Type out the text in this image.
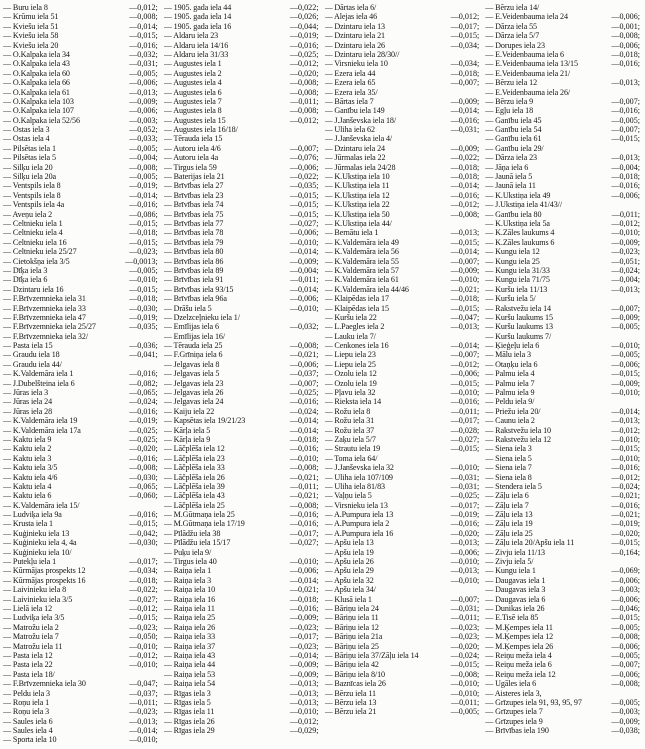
— Buru iela 8	—0,012;
— Krūmu iela 51	—0,008;
— Kviešu iela 51	—0,014;
— Kviešu iela 58	—0,015;
— Kviešu iela 20	—0,016;
— O.Kalpaka iela 34	—0,032;
— O.Kalpaka iela 43	—0,031;
— O.Kalpaka iela 60	—0,005;
— O.Kalpaka iela 66	—0,006;
— O.Kalpaka iela 61	—0,013;
— O.Kalpaka iela 103	—0,009;
— O.Kalpaka iela 107	—0,006;
— O.Kalpaka iela 52/56	—0,003;
— Ostas iela 3	—0,052;
— Ostas iela 4	—0,033;
— Pilsētas iela 1	—0,005;
— Pilsētas iela 5	—0,004;
— Silķu iela 20	—0,008;
— Silķu iela 20a	—0,005;
— Ventspils iela 8	—0,019;
— Ventspils iela 8	—0,014;
— Ventspils iela 4a	—0,016;
— Aveņu iela 2	—0,086;
— Celtnieku iela 1	—0,015;
— Celtnieku iela 4	—0,018;
— Celtnieku iela 16	—0,015;
— Celtnieku iela 25/27	—0,023;
— Cietokšņa iela 3/5	—0,0013;
— Dīķa iela 3	—0,005;
— Dīķa iela 6	—0,010;
— Dzintaru iela 16	—0,015;
— F.Brīvzemnieka iela 31	—0,018;
— F.Brīvzemnieka iela 33	—0,030;
— F.Brīvzemnieka iela 47	—0,019;
— F.Brīvzemnieka iela 25/27	—0,035;
— F.Brīvzemnieka iela 32/
— Pasta iela 15	—0,036;
— Graudu iela 18	—0,041;
— Graudu iela 44/
— K.Valdemāra iela 1	—0,016;
— J.Dubelšteina iela 6	—0,082;
— Jūras iela 3	—0,065;
— Jūras iela 24	—0,024;
— Jūras iela 28	—0,016;
— K.Valdemāra iela 19	—0,019;
— K.Valdemāra iela 17a	—0,025;
— Kaktu iela 9	—0,025;
— Kaktu iela 2	—0,020;
— Kaktu iela 3	—0,016;
— Kaktu iela 3/5	—0,008;
— Kaktu iela 4/6	—0,030;
— Kaktu iela 4	—0,065;
— Kaktu iela 6	—0,060;
— K.Valdemāra iela 15/
— Ludviķa iela 9a	—0,016;
— Krusta iela 1	—0,015;
— Kuģinieku iela 13	—0,042;
— Kuģinieku iela 4, 4a	—0,030;
— Kuģinieku iela 10/
— Putekļu iela 1	—0,017;
— Kūrmājas prospekts 12	—0,034;
— Kūrmājas prospekts 16	—0,018;
— Laivinieku iela 8	—0,022;
— Laivinieku iela 3/5	—0,027;
— Lielā iela 12	—0,012;
— Ludviķa iela 3/5	—0,015;
— Matrožu iela 2	—0,023;
— Matrožu iela 7	—0,050;
— Matrožu iela 11	—0,010;
— Pasta iela 12	—0,012;
— Pasta iela 22	—0,010;
— Pasta iela 18/
— F.Brīvzemnieka iela 30	—0,047;
— Peldu iela 3	—0,037;
— Roņu iela 1	—0,011;
— Roņu iela 3	—0,023;
— Saules iela 6	—0,013;
— Saules iela 4	—0,014;
— Sporta iela 10	—0,010;
— 1905. gada iela 44	—0,022;
— 1905. gada iela 14	—0,026;
— 1905. gada iela 16	—0,044;
— Aldaru iela 23	—0,019;
— Aldaru iela 14/16	—0,016;
— Aldaru iela 31/33	—0,025;
— Augustes iela 1	—0,012;
— Augustes iela 2	—0,020;
— Augustes iela 4	—0,008;
— Augustes iela 6	—0,008;
— Augustes iela 7	—0,011;
— Augustes iela 8	—0,008;
— Augustes iela 15	—0,012;
— Augustes iela 16/18/
— Tērauda iela 15
— Autoru iela 4/6	—0,007;
— Autoru iela 4a	—0,076;
— Tirgus iela 59	—0,006;
— Baterijas iela 21	—0,022;
— Brīvības iela 27	—0,035;
— Brīvības iela 23	—0,015;
— Brīvības iela 74	—0,015;
— Brīvības iela 75	—0,015;
— Brīvības iela 77	—0,027;
— Brīvības iela 78	—0,006;
— Brīvības iela 79	—0,010;
— Brīvības iela 80	—0,014;
— Brīvības iela 86	—0,009;
— Brīvības iela 89	—0,004;
— Brīvības iela 91	—0,011;
— Brīvības iela 93/15	—0,014;
— Brīvības iela 96a	—0,006;
— Drāšu iela 5	—0,010;
— Dzelzceļnieku iela 1/
— Emīlijas iela 6	—0,032;
— Emīlijas iela 16/
— Tērauda iela 25	—0,008;
— F.Grīniņa iela 6	—0,021;
— Jelgavas iela 8	—0,006;
— Jelgavas iela 5	—0,037;
— Jelgavas iela 23	—0,007;
— Jelgavas iela 26	—0,025;
— Jelgavas iela 24	—0,016;
— Kaiju iela 22	—0,024;
— Kapsētas iela 19/21/23	—0,014;
— Kārļa iela 5	—0,014;
— Kārļa iela 9	—0,018;
— Lāčplēša iela 12	—0,016;
— Lāčplēša iela 23	—0,010;
— Lāčplēša iela 33	—0,008;
— Lāčplēša iela 26	—0,021;
— Lāčplēša iela 39	—0,011;
— Lāčplēša iela 43	—0,021;
— Lāčplēša iela 25	—0,008;
— M.Gūtmaņa iela 25	—0,016;
— M.Gūtmaņa iela 17/19	—0,016;
— Pīlādžu iela 38	—0,017;
— Pīlādžu iela 15/17	—0,027;
— Puķu iela 9/
— Tirgus iela 40	—0,010;
— Raiņa iela 1	—0,006;
— Raiņa iela 3	—0,014;
— Raiņa iela 10	—0,021;
— Raiņa iela 16	—0,018;
— Raiņa iela 11	—0,016;
— Raiņa iela 25	—0,009;
— Raiņa iela 26	—0,023;
— Raiņa iela 33	—0,017;
— Raiņa iela 37	—0,023;
— Raiņa iela 43	—0,014;
— Raiņa iela 44	—0,009;
— Raiņa iela 53	—0,009;
— Raiņa iela 54	—0,013;
— Rīgas iela 3	—0,013;
— Rīgas iela 5	—0,013;
— Rīgas iela 11	—0,010;
— Rīgas iela 26	—0,012;
— Rīgas iela 29	—0,029;
— Dārtas iela 6/
— Alejas iela 46	—0,012;
— Dzintaru iela 13	—0,017;
— Dzintaru iela 21	—0,015;
— Dzintaru iela 26	—0,034;
— Dzintaru iela 28/30//
— Virsnieku iela 10	—0,034;
— Ezera iela 44	—0,018;
— Ezera iela 65	—0,007;
— Ezera iela 35/
— Bārtas iela 7	—0,009;
— Ganību iela 149	—0,014;
— J.Janševska iela 18/	—0,016;
— Uliha iela 62	—0,031;
— J.Janševska iela 4/
— Dzintaru iela 24	—0,009;
— Jūrmalas iela 22	—0,022;
— Jūrmalas iela 24/28	—0,018;
— K.Ukstiņa iela 10	—0,018;
— K.Ukstiņa iela 11	—0,014;
— K.Ukstiņa iela 12	—0,016;
— K.Ukstiņa iela 22	—0,012;
— K.Ukstiņa iela 50	—0,008;
— K.Ukstiņa iela 44/
— Bernātu iela 1	—0,013;
— K.Valdemāra iela 49	—0,015;
— K.Valdemāra iela 56	—0,014;
— K.Valdemāra iela 55	—0,007;
— K.Valdemāra iela 57	—0,009;
— K.Valdemāra iela 61	—0,010;
— K.Valdemāra iela 44/46	—0,021;
— Klaipēdas iela 17	—0,018;
— Klaipēdas iela 15	—0,015;
— Kuršu iela 22	—0,047;
— L.Paegles iela 2	—0,013;
— Lauku iela 7/
— Cenkones iela 16	—0,014;
— Liepu iela 23	—0,007;
— Liepu iela 25	—0,012;
— Ozolu iela 12	—0,006;
— Ozolu iela 19	—0,015;
— Pļavu iela 32	—0,010;
— Rieksta iela 14	—0,016;
— Rožu iela 8	—0,011;
— Rožu iela 31	—0,017;
— Rožu iela 37	—0,028;
— Zaķu iela 5/7	—0,027;
— Strautu iela 19	—0,015;
— Toma iela 64/
— J.Janševska iela 32	—0,010;
— Uliha iela 107/109	—0,031;
— Uliha iela 81/83	—0,031;
— Vaļņu iela 5	—0,025;
— Virsnieku iela 13	—0,017;
— A.Pumpura iela 13	—0,019;
— A.Pumpura iela 2	—0,016;
— A.Pumpura iela 16	—0,020;
— Apšu iela 13	—0,013;
— Apšu iela 19	—0,006;
— Apšu iela 26	—0,010;
— Apšu iela 29	—0,013;
— Apšu iela 32	—0,010;
— Apšu iela 34/
— Klusā iela 1	—0,007;
— Bāriņu iela 24	—0,031;
— Bāriņu iela 11	—0,011;
— Bāriņu iela 12	—0,023;
— Bāriņu iela 21a	—0,023;
— Bāriņu iela 25	—0,020;
— Bāriņu iela 37/Zāļu iela 14	—0,024;
— Bāriņu iela 42	—0,015;
— Bāriņu iela 8/10	—0,008;
— Baznīcas iela 26	—0,010;
— Bērzu iela 11	—0,010;
— Bērzu iela 13	—0,011;
— Bērzu iela 21	—0,005;
— Bērzu iela 14/
— E.Veidenbauma iela 24	—0,006;
— Dārza iela 55	—0,001;
— Dārza iela 5/7	—0,008;
— Dorupes iela 23	—0,006;
— E.Veidenbauma iela 6	—0,018;
— E.Veidenbauma iela 13/15	—0,016;
— E.Veidenbauma iela 21/
— Bērzu iela 12	—0,013;
— E.Veidenbauma iela 26/
— Bērzu iela 9	—0,007;
— Egļu iela 18	—0,016;
— Ganību iela 45	—0,005;
— Ganību iela 54	—0,007;
— Ganību iela 61	—0,015;
— Ganību iela 29/
— Dārza iela 23	—0,013;
— Jāņa iela 6	—0,004;
— Jaunā iela 5	—0,018;
— Jaunā iela 11	—0,016;
— K.Ukstiņa iela 49	—0,006;
— J.Ukstiņa iela 41/43//
— Ganību iela 80	—0,011;
— K.Ukstiņa iela 5a	—0,012;
— K.Zāles laukums 4	—0,010;
— K.Zāles laukums 6	—0,009;
— Kungu iela 12	—0,023;
— Kungu iela 25	—0,051;
— Kungu iela 31/33	—0,024;
— Kungu iela 71/75	—0,004;
— Kuršu iela 11/13	—0,013;
— Kuršu iela 5/
— Rakstvežu iela 14	—0,007;
— Kuršu laukums 15	—0,009;
— Kuršu laukums 13	—0,005;
— Kuršu laukums 7/
— Ķieģeļu iela 6	—0,010;
— Mālu iela 3	—0,005;
— Otaņķu iela 6	—0,006;
— Palmu iela 4	—0,015;
— Palmu iela 7	—0,009;
— Palmu iela 9	—0,010;
— Peldu iela 9/
— Priežu iela 20/	—0,014;
— Caunu iela 2	—0,013;
— Rakstvežu iela 10	—0,012;
— Rakstvežu iela 12	—0,010;
— Siena iela 3	—0,015;
— Siena iela 5	—0,010;
— Siena iela 7	—0,016;
— Siena iela 8	—0,012;
— Stendera iela 5	—0,024;
— Zāļu iela 6	—0,021;
— Zāļu iela 7	—0,016;
— Zāļu iela 13	—0,021;
— Zāļu iela 19	—0,019;
— Zāļu iela 25	—0,020;
— Zāļu iela 20/Apšu iela 11	—0,015;
— Zivju iela 11/13	—0,164;
— Zivju iela 5/
— Kungu iela 1	—0,069;
— Daugavas iela 1	—0,006;
— Daugavas iela 3	—0,003;
— Daugavas iela 6	—0,006;
— Dunikas iela 26	—0,046;
— E.Tisē iela 85	—0,015;
— M.Ķempes iela 11	—0,005;
— M.Ķempes iela 12	—0,008;
— M.Ķempes iela 26	—0,006;
— Reiņu meža iela 4	—0,005;
— Reiņu meža iela 6	—0,007;
— Reiņu meža iela 12	—0,006;
— Ugāles iela 6	—0,008;
— Aisteres iela 3,
— Grīzupes iela 91, 93, 95, 97	—0,005;
— Grīzupes iela 7	—0,003;
— Grīzupes iela 9	—0,009;
— Brīvības iela 190	—0,038;
